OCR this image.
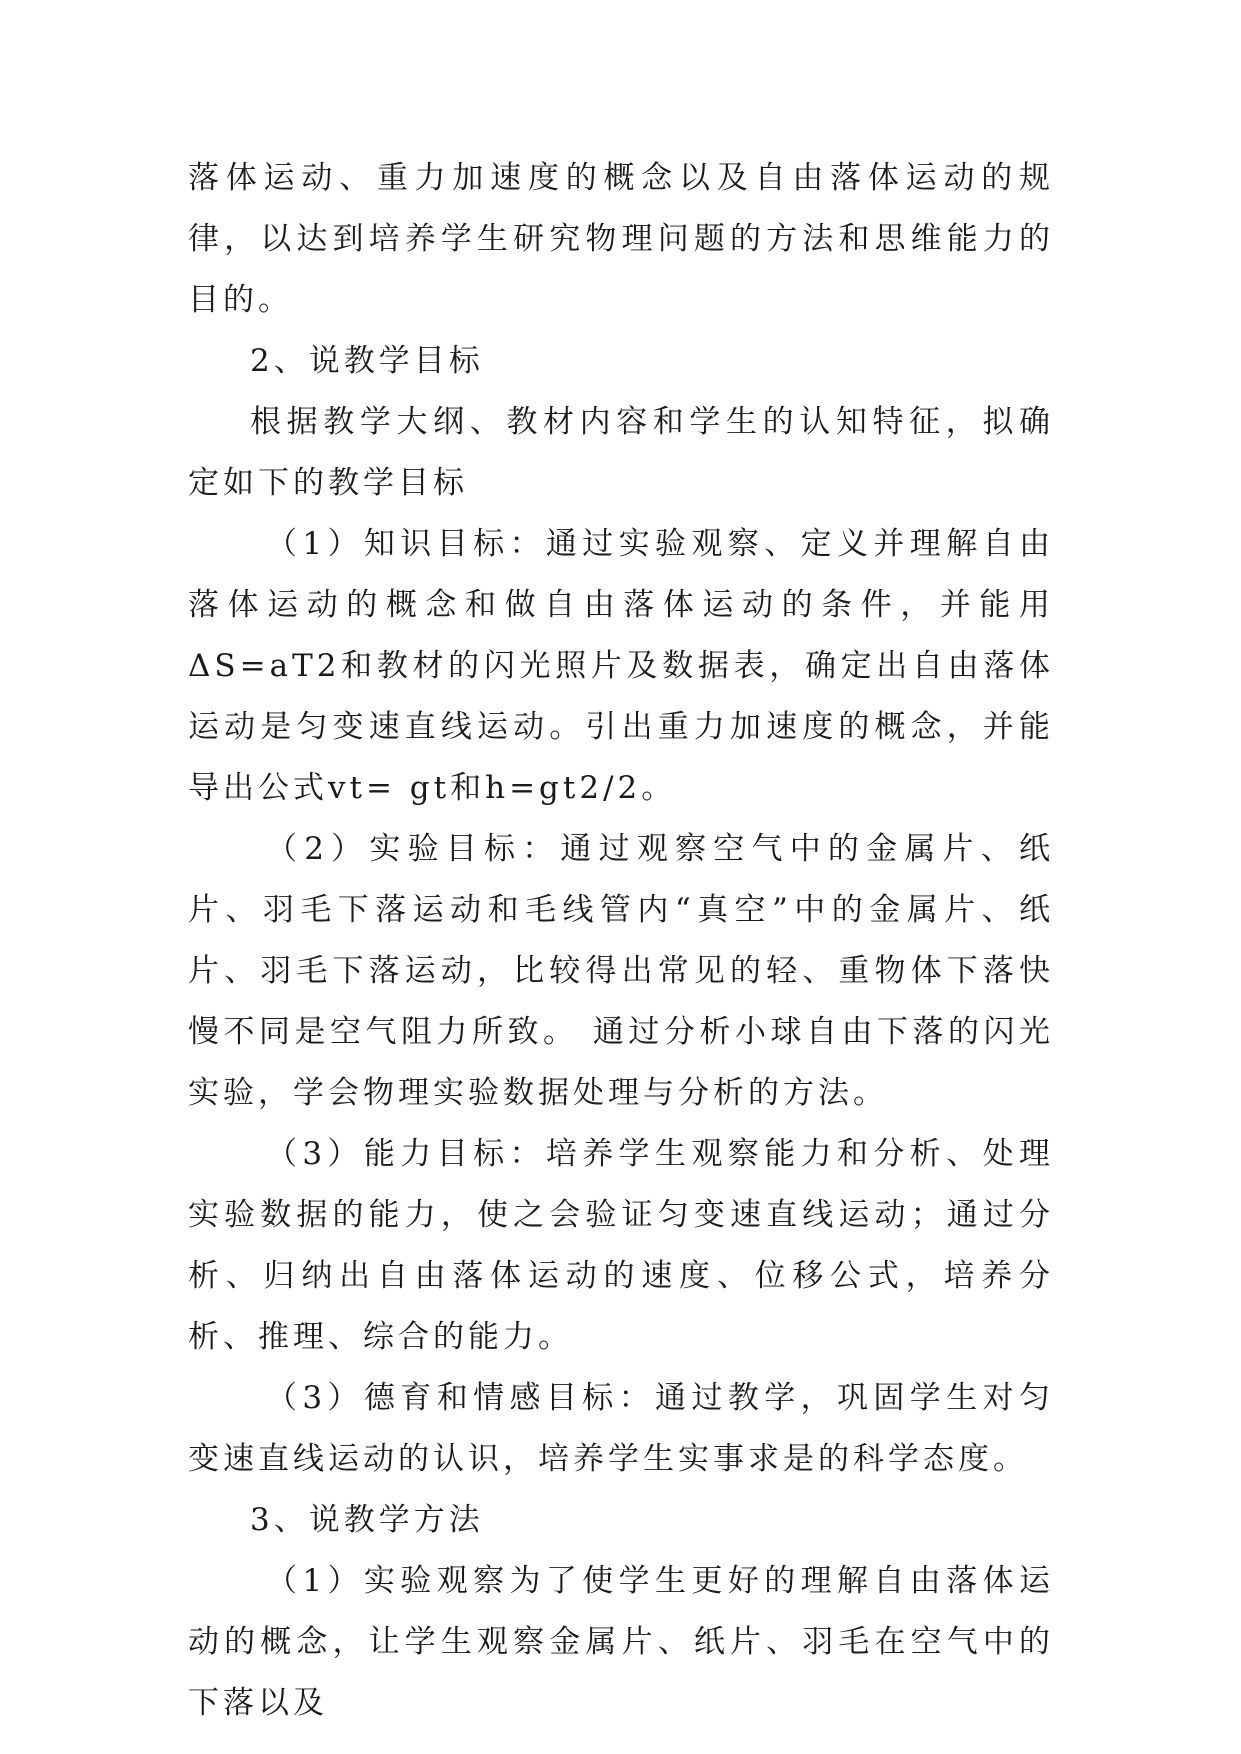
落体运动、重力加速度的概念以及自由落体运动的规律，以达到培养学生研究物理问题的方法和思维能力的目的。

2、说教学目标

根据教学大纲、教材内容和学生的认知特征，拟确定如下的教学目标

（1）知识目标：通过实验观察、定义并理解自由落体运动的概念和做自由落体运动的条件，并能用ΔS=aT2和教材的闪光照片及数据表，确定出自由落体运动是匀变速直线运动。引出重力加速度的概念，并能导出公式vt= gt和h=gt2/2。

（2）实验目标：通过观察空气中的金属片、纸片、羽毛下落运动和毛线管内“真空”中的金属片、纸片、羽毛下落运动，比较得出常见的轻、重物体下落快慢不同是空气阻力所致。 通过分析小球自由下落的闪光实验，学会物理实验数据处理与分析的方法。

（3）能力目标：培养学生观察能力和分析、处理实验数据的能力，使之会验证匀变速直线运动；通过分析、归纳出自由落体运动的速度、位移公式，培养分析、推理、综合的能力。

（3）德育和情感目标：通过教学，巩固学生对匀变速直线运动的认识，培养学生实事求是的科学态度。

3、说教学方法

（1）实验观察为了使学生更好的理解自由落体运动的概念，让学生观察金属片、纸片、羽毛在空气中的下落以及
